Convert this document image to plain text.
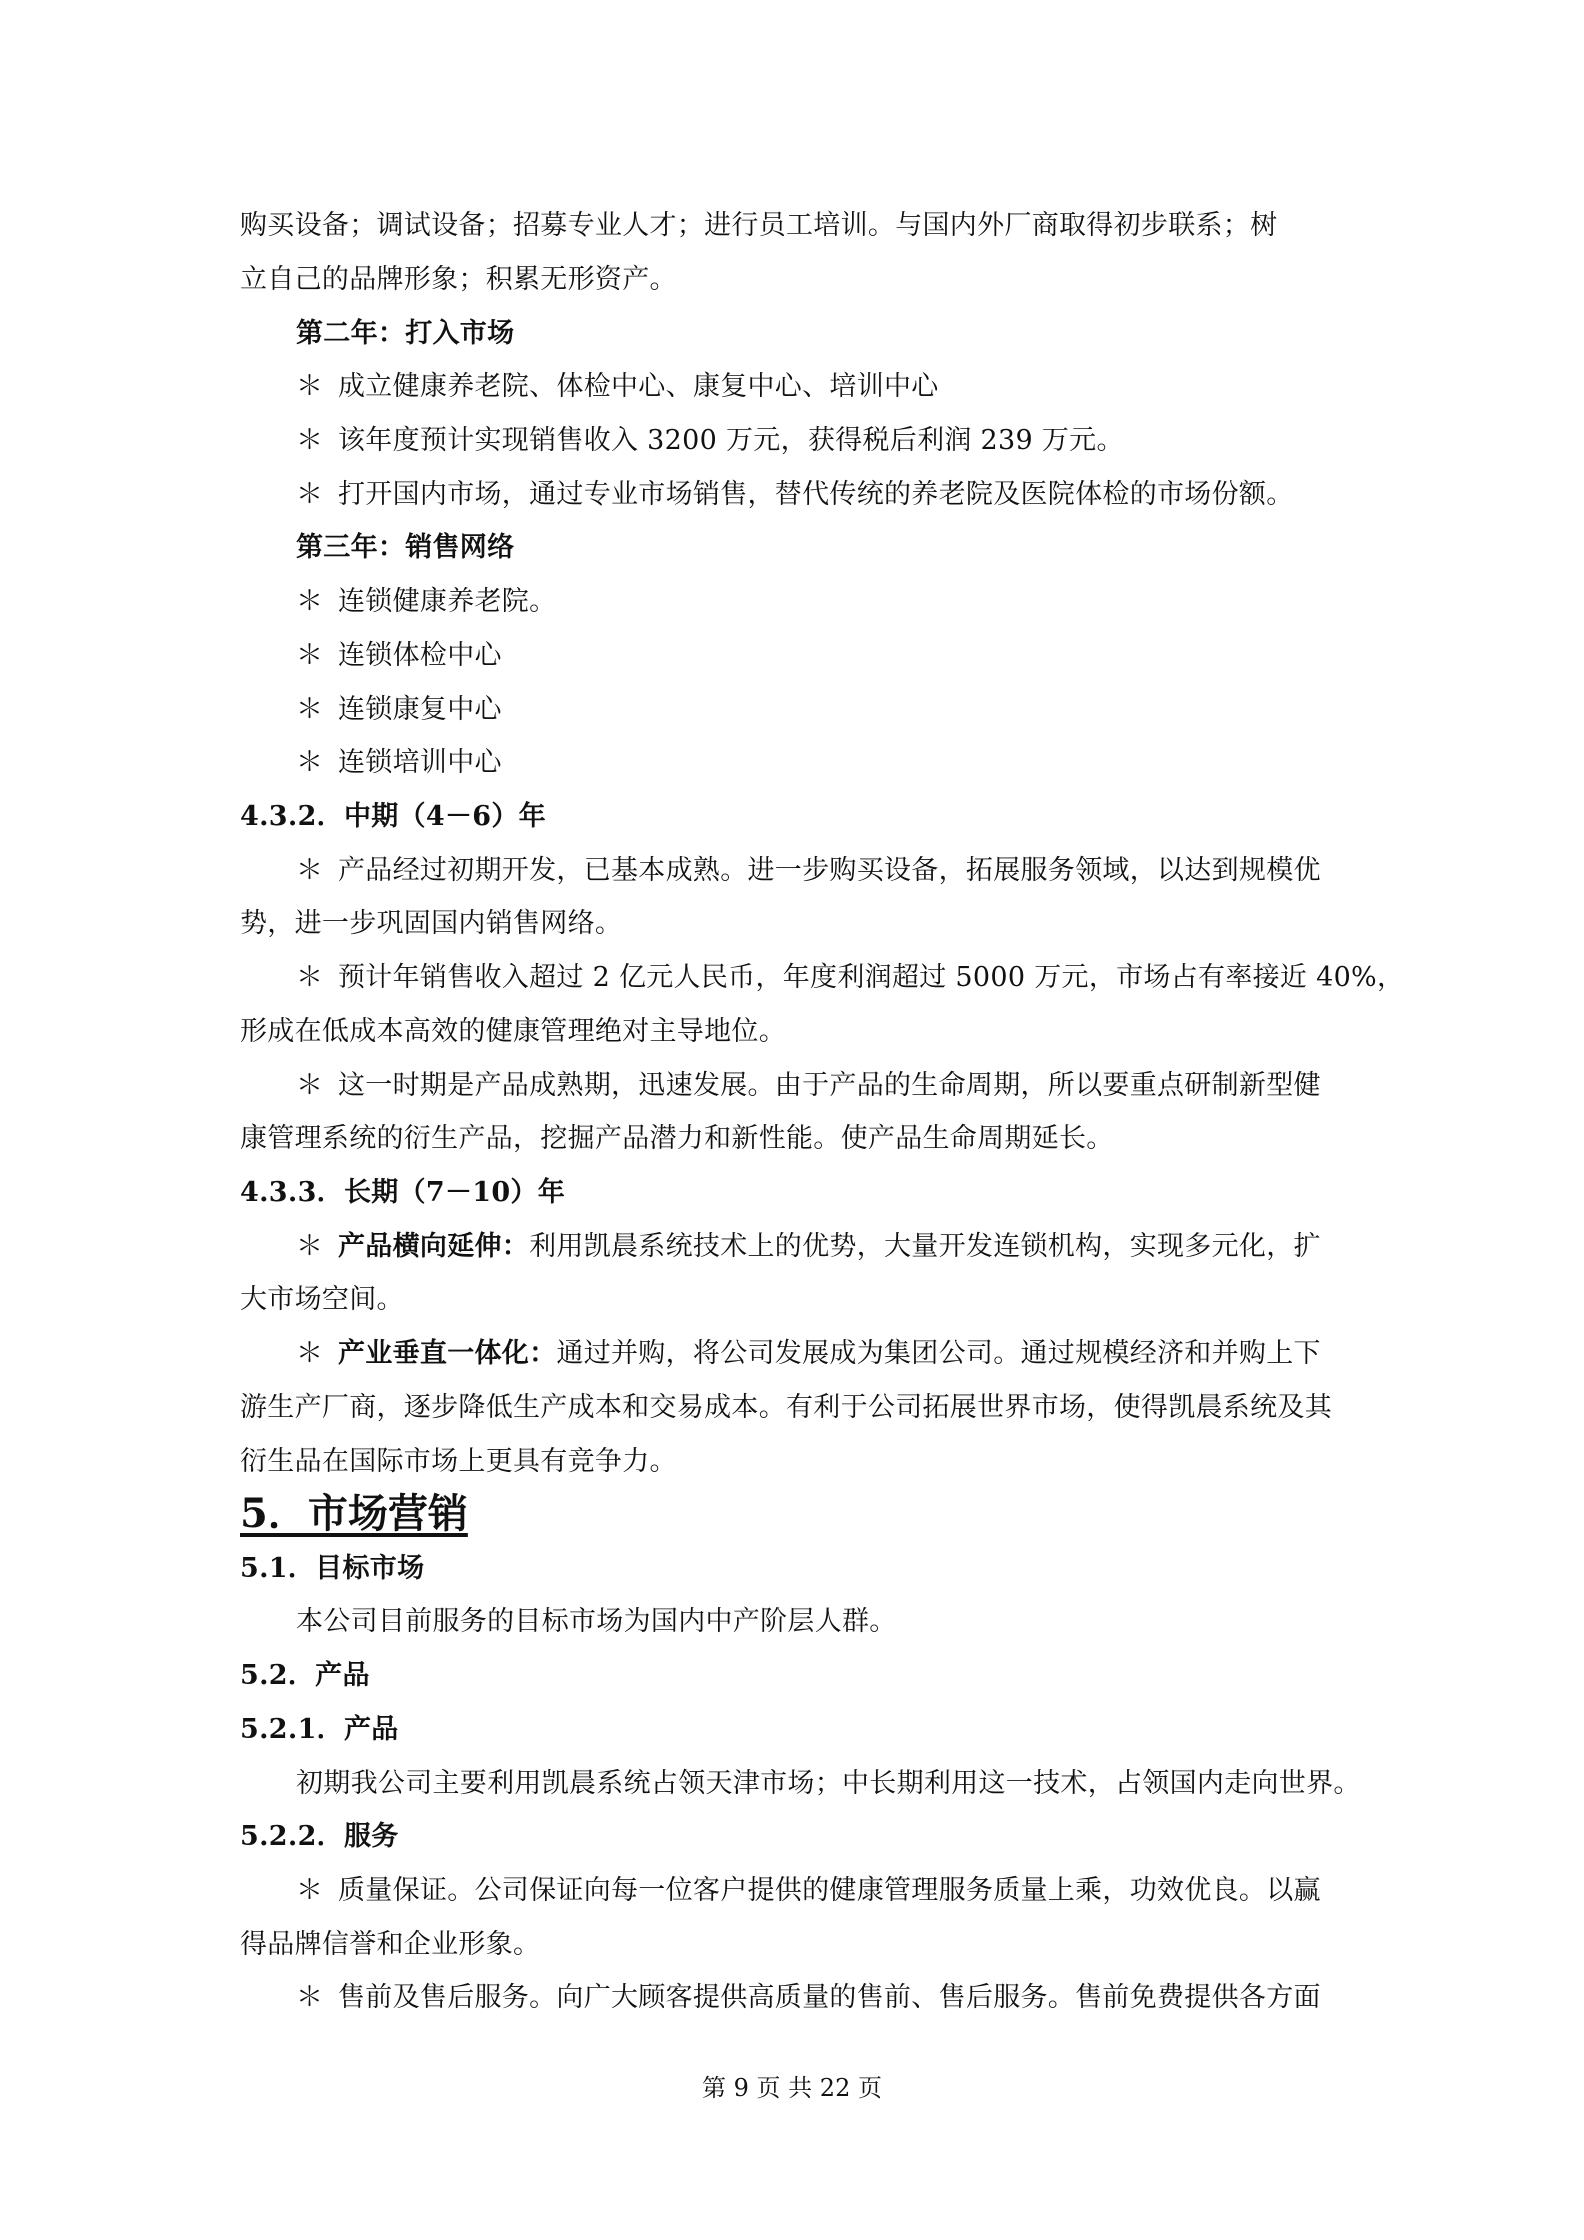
购买设备；调试设备；招募专业人才；进行员工培训。与国内外厂商取得初步联系；树
立自己的品牌形象；积累无形资产。
第二年：打入市场
＊ 成立健康养老院、体检中心、康复中心、培训中心
＊ 该年度预计实现销售收入 3200 万元，获得税后利润 239 万元。
＊ 打开国内市场，通过专业市场销售，替代传统的养老院及医院体检的市场份额。
第三年：销售网络
＊ 连锁健康养老院。
＊ 连锁体检中心
＊ 连锁康复中心
＊ 连锁培训中心
4.3.2．中期（4－6）年
＊ 产品经过初期开发，已基本成熟。进一步购买设备，拓展服务领域，以达到规模优
势，进一步巩固国内销售网络。
＊ 预计年销售收入超过 2 亿元人民币，年度利润超过 5000 万元，市场占有率接近 40%，
形成在低成本高效的健康管理绝对主导地位。
＊ 这一时期是产品成熟期，迅速发展。由于产品的生命周期，所以要重点研制新型健
康管理系统的衍生产品，挖掘产品潜力和新性能。使产品生命周期延长。
4.3.3．长期（7－10）年
＊ 产品横向延伸：利用凯晨系统技术上的优势，大量开发连锁机构，实现多元化，扩
大市场空间。
＊ 产业垂直一体化：通过并购，将公司发展成为集团公司。通过规模经济和并购上下
游生产厂商，逐步降低生产成本和交易成本。有利于公司拓展世界市场，使得凯晨系统及其
衍生品在国际市场上更具有竞争力。
5．市场营销
5.1．目标市场
本公司目前服务的目标市场为国内中产阶层人群。
5.2．产品
5.2.1．产品
初期我公司主要利用凯晨系统占领天津市场；中长期利用这一技术，占领国内走向世界。
5.2.2．服务
＊ 质量保证。公司保证向每一位客户提供的健康管理服务质量上乘，功效优良。以赢
得品牌信誉和企业形象。
＊ 售前及售后服务。向广大顾客提供高质量的售前、售后服务。售前免费提供各方面
第 9 页 共 22 页
